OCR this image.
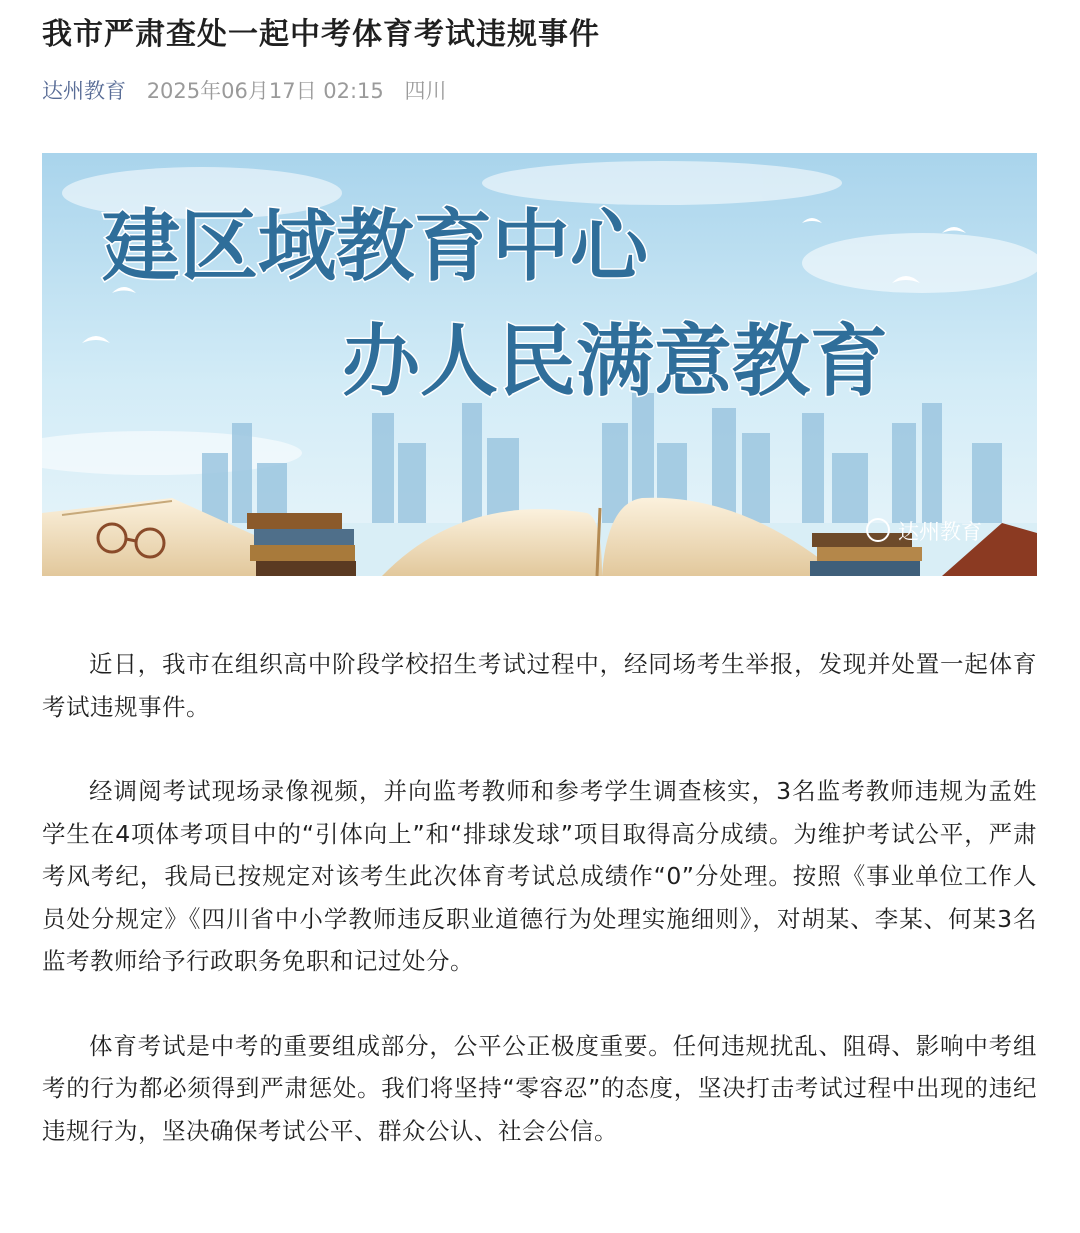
我市严肃查处一起中考体育考试违规事件
达州教育 2025年06月17日 02:15 四川
建区域教育中心
办人民满意教育
达州教育

近日，我市在组织高中阶段学校招生考试过程中，经同场考生举报，发现并处置一起体育考试违规事件。

经调阅考试现场录像视频，并向监考教师和参考学生调查核实，3名监考教师违规为孟姓学生在4项体考项目中的“引体向上”和“排球发球”项目取得高分成绩。为维护考试公平，严肃考风考纪，我局已按规定对该考生此次体育考试总成绩作“0”分处理。按照《事业单位工作人员处分规定》《四川省中小学教师违反职业道德行为处理实施细则》，对胡某、李某、何某3名监考教师给予行政职务免职和记过处分。

体育考试是中考的重要组成部分，公平公正极度重要。任何违规扰乱、阻碍、影响中考组考的行为都必须得到严肃惩处。我们将坚持“零容忍”的态度，坚决打击考试过程中出现的违纪违规行为，坚决确保考试公平、群众公认、社会公信。
